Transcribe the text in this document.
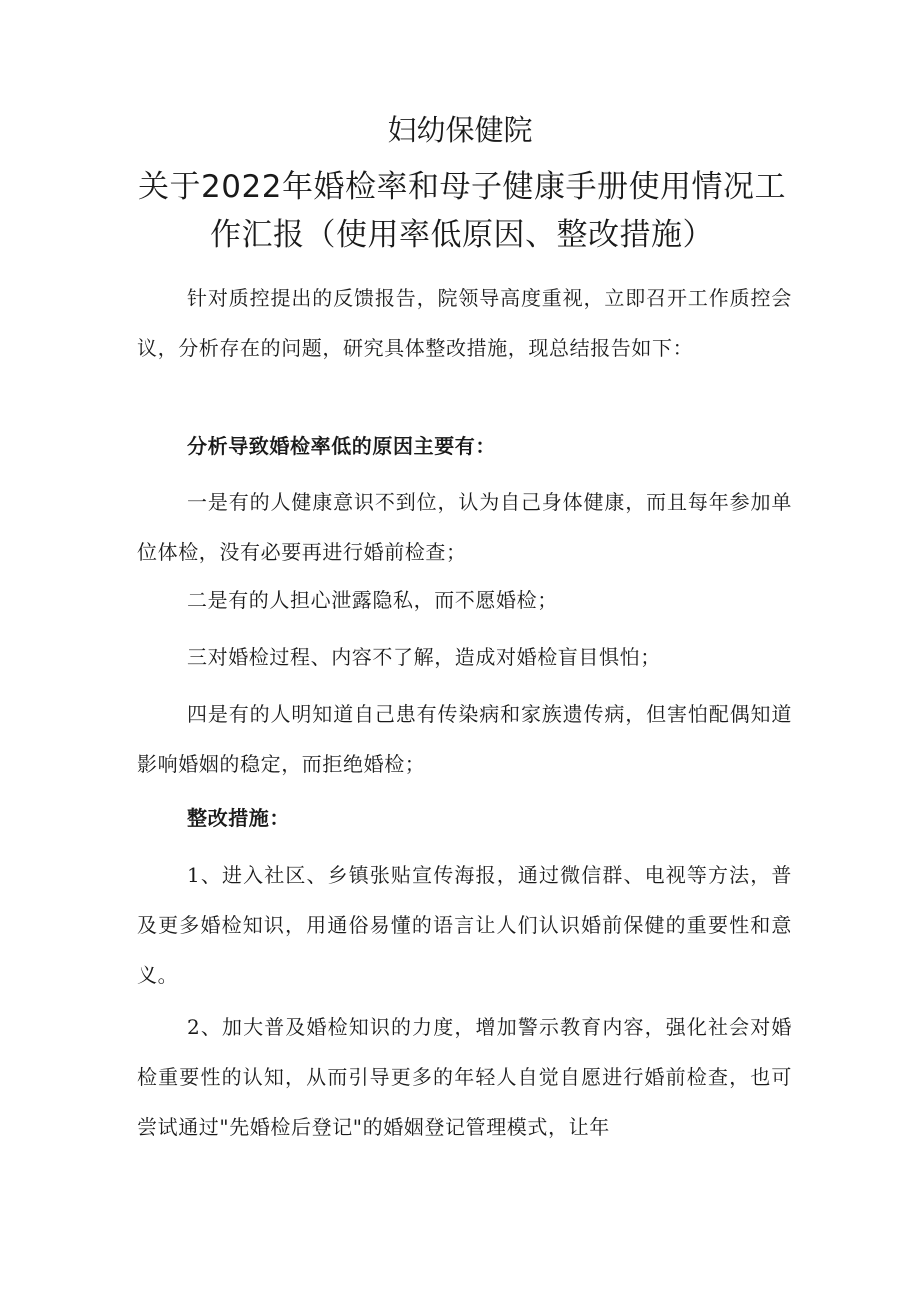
妇幼保健院
关于2022年婚检率和母子健康手册使用情况工作汇报（使用率低原因、整改措施）

针对质控提出的反馈报告，院领导高度重视，立即召开工作质控会议，分析存在的问题，研究具体整改措施，现总结报告如下：

分析导致婚检率低的原因主要有：

一是有的人健康意识不到位，认为自己身体健康，而且每年参加单位体检，没有必要再进行婚前检查；

二是有的人担心泄露隐私，而不愿婚检；

三对婚检过程、内容不了解，造成对婚检盲目惧怕；

四是有的人明知道自己患有传染病和家族遗传病，但害怕配偶知道影响婚姻的稳定，而拒绝婚检；

整改措施：

1、进入社区、乡镇张贴宣传海报，通过微信群、电视等方法，普及更多婚检知识，用通俗易懂的语言让人们认识婚前保健的重要性和意义。

2、加大普及婚检知识的力度，增加警示教育内容，强化社会对婚检重要性的认知，从而引导更多的年轻人自觉自愿进行婚前检查，也可尝试通过"先婚检后登记"的婚姻登记管理模式，让年
